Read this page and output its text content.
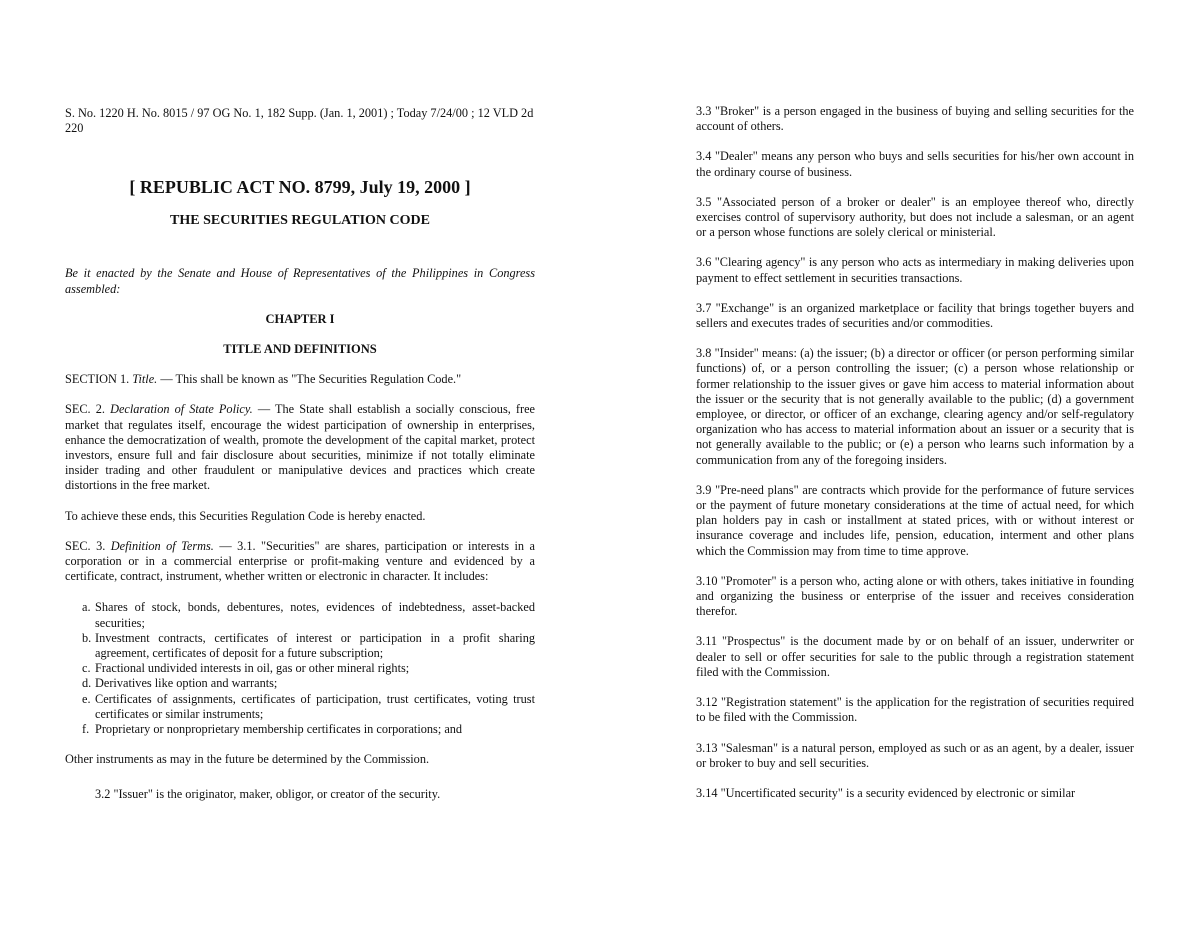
S. No. 1220 H. No. 8015 / 97 OG No. 1, 182 Supp. (Jan. 1, 2001) ; Today 7/24/00 ; 12 VLD 2d 220

[ REPUBLIC ACT NO. 8799, July 19, 2000 ]
THE SECURITIES REGULATION CODE

Be it enacted by the Senate and House of Representatives of the Philippines in Congress assembled:

CHAPTER I
TITLE AND DEFINITIONS

SECTION 1. Title. — This shall be known as "The Securities Regulation Code."

SEC. 2. Declaration of State Policy. — The State shall establish a socially conscious, free market that regulates itself, encourage the widest participation of ownership in enterprises, enhance the democratization of wealth, promote the development of the capital market, protect investors, ensure full and fair disclosure about securities, minimize if not totally eliminate insider trading and other fraudulent or manipulative devices and practices which create distortions in the free market.

To achieve these ends, this Securities Regulation Code is hereby enacted.

SEC. 3. Definition of Terms. — 3.1. "Securities" are shares, participation or interests in a corporation or in a commercial enterprise or profit-making venture and evidenced by a certificate, contract, instrument, whether written or electronic in character. It includes:

a. Shares of stock, bonds, debentures, notes, evidences of indebtedness, asset-backed securities;
b. Investment contracts, certificates of interest or participation in a profit sharing agreement, certificates of deposit for a future subscription;
c. Fractional undivided interests in oil, gas or other mineral rights;
d. Derivatives like option and warrants;
e. Certificates of assignments, certificates of participation, trust certificates, voting trust certificates or similar instruments;
f. Proprietary or nonproprietary membership certificates in corporations; and

Other instruments as may in the future be determined by the Commission.

3.2 "Issuer" is the originator, maker, obligor, or creator of the security.

3.3 "Broker" is a person engaged in the business of buying and selling securities for the account of others.

3.4 "Dealer" means any person who buys and sells securities for his/her own account in the ordinary course of business.

3.5 "Associated person of a broker or dealer" is an employee thereof who, directly exercises control of supervisory authority, but does not include a salesman, or an agent or a person whose functions are solely clerical or ministerial.

3.6 "Clearing agency" is any person who acts as intermediary in making deliveries upon payment to effect settlement in securities transactions.

3.7 "Exchange" is an organized marketplace or facility that brings together buyers and sellers and executes trades of securities and/or commodities.

3.8 "Insider" means: (a) the issuer; (b) a director or officer (or person performing similar functions) of, or a person controlling the issuer; (c) a person whose relationship or former relationship to the issuer gives or gave him access to material information about the issuer or the security that is not generally available to the public; (d) a government employee, or director, or officer of an exchange, clearing agency and/or self-regulatory organization who has access to material information about an issuer or a security that is not generally available to the public; or (e) a person who learns such information by a communication from any of the foregoing insiders.

3.9 "Pre-need plans" are contracts which provide for the performance of future services or the payment of future monetary considerations at the time of actual need, for which plan holders pay in cash or installment at stated prices, with or without interest or insurance coverage and includes life, pension, education, interment and other plans which the Commission may from time to time approve.

3.10 "Promoter" is a person who, acting alone or with others, takes initiative in founding and organizing the business or enterprise of the issuer and receives consideration therefor.

3.11 "Prospectus" is the document made by or on behalf of an issuer, underwriter or dealer to sell or offer securities for sale to the public through a registration statement filed with the Commission.

3.12 "Registration statement" is the application for the registration of securities required to be filed with the Commission.

3.13 "Salesman" is a natural person, employed as such or as an agent, by a dealer, issuer or broker to buy and sell securities.

3.14 "Uncertificated security" is a security evidenced by electronic or similar
